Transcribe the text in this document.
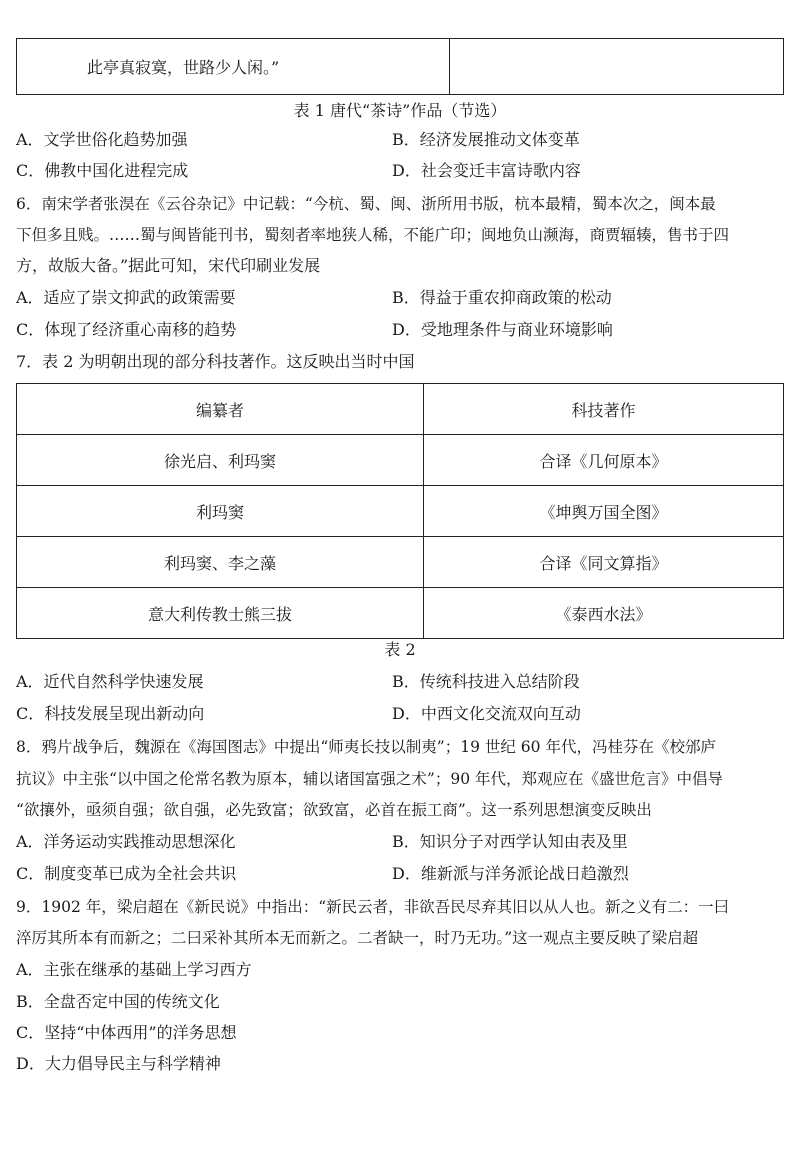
此亭真寂寞，世路少人闲。”	
表 1 唐代“茶诗”作品（节选）
A．文学世俗化趋势加强	B．经济发展推动文体变革
C．佛教中国化进程完成	D．社会变迁丰富诗歌内容
6．南宋学者张淏在《云谷杂记》中记载：“今杭、蜀、闽、浙所用书版，杭本最精，蜀本次之，闽本最
下但多且贱。……蜀与闽皆能刊书，蜀刻者率地狭人稀，不能广印；闽地负山濒海，商贾辐辏，售书于四
方，故版大备。”据此可知，宋代印刷业发展
A．适应了崇文抑武的政策需要	B．得益于重农抑商政策的松动
C．体现了经济重心南移的趋势	D．受地理条件与商业环境影响
7．表 2 为明朝出现的部分科技著作。这反映出当时中国
编纂者	科技著作
徐光启、利玛窦	合译《几何原本》
利玛窦	《坤舆万国全图》
利玛窦、李之藻	合译《同文算指》
意大利传教士熊三拔	《泰西水法》
表 2
A．近代自然科学快速发展	B．传统科技进入总结阶段
C．科技发展呈现出新动向	D．中西文化交流双向互动
8．鸦片战争后，魏源在《海国图志》中提出“师夷长技以制夷”；19 世纪 60 年代，冯桂芬在《校邠庐
抗议》中主张“以中国之伦常名教为原本，辅以诸国富强之术”；90 年代，郑观应在《盛世危言》中倡导
“欲攘外，亟须自强；欲自强，必先致富；欲致富，必首在振工商”。这一系列思想演变反映出
A．洋务运动实践推动思想深化	B．知识分子对西学认知由表及里
C．制度变革已成为全社会共识	D．维新派与洋务派论战日趋激烈
9．1902 年，梁启超在《新民说》中指出：“新民云者，非欲吾民尽弃其旧以从人也。新之义有二：一曰
淬厉其所本有而新之；二曰采补其所本无而新之。二者缺一，时乃无功。”这一观点主要反映了梁启超
A．主张在继承的基础上学习西方
B．全盘否定中国的传统文化
C．坚持“中体西用”的洋务思想
D．大力倡导民主与科学精神
